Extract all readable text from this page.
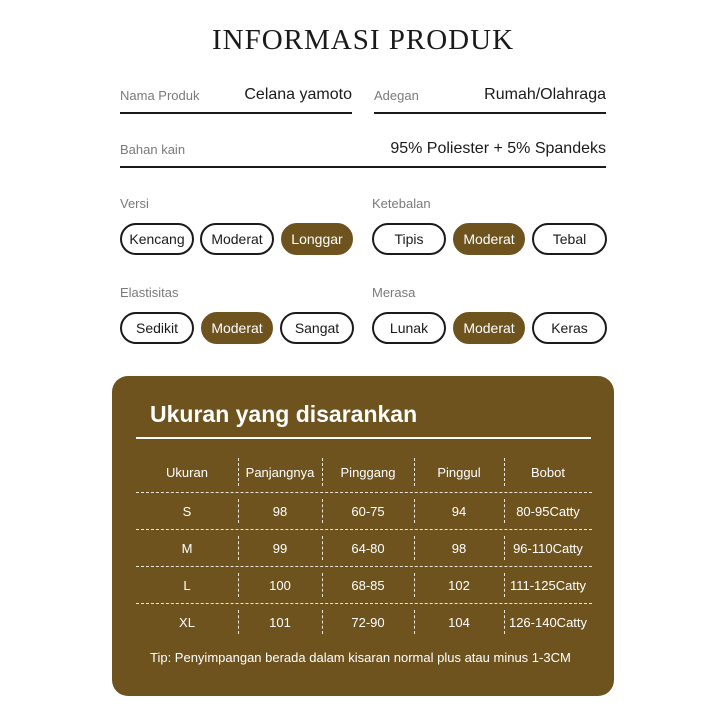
INFORMASI PRODUK
Nama Produk	Celana yamoto Adegan	Rumah/Olahraga
Bahan kain	95% Poliester + 5% Spandeks
Versi
Kencang	Moderat	Longgar
Ketebalan
Tipis	Moderat	Tebal
Elastisitas
Sedikit	Moderat	Sangat
Merasa
Lunak	Moderat	Keras
Ukuran yang disarankan
Ukuran	Panjangnya	Pinggang	Pinggul	Bobot
S	98	60-75	94	80-95Catty
M	99	64-80	98	96-110Catty
L	100	68-85	102	111-125Catty
XL	101	72-90	104	126-140Catty
Tip: Penyimpangan berada dalam kisaran normal plus atau minus 1-3CM
